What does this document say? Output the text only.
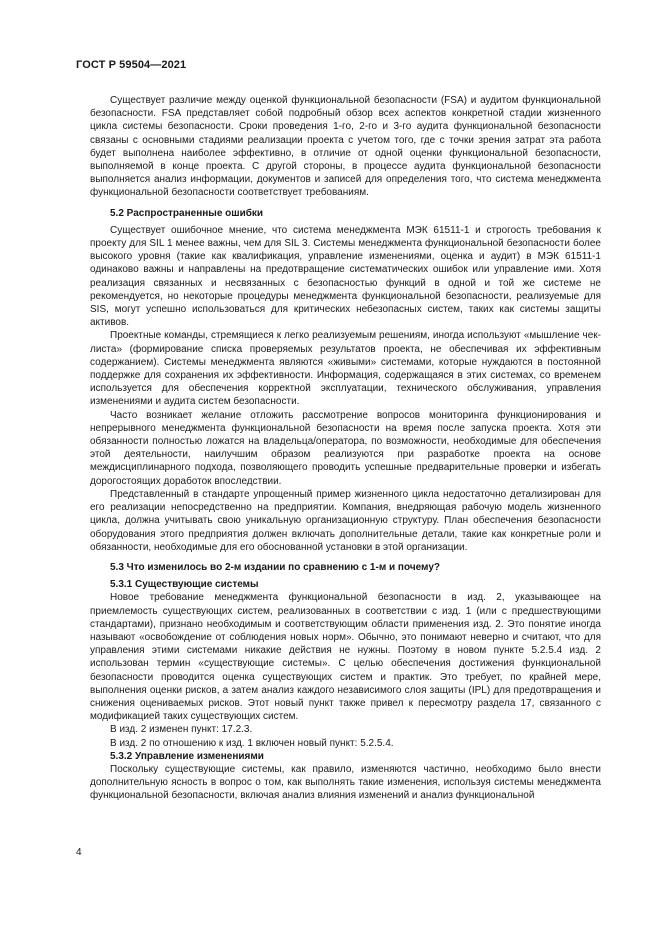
ГОСТ Р 59504—2021

Существует различие между оценкой функциональной безопасности (FSA) и аудитом функциональной безопасности. FSA представляет собой подробный обзор всех аспектов конкретной стадии жизненного цикла системы безопасности. Сроки проведения 1-го, 2-го и 3-го аудита функциональной безопасности связаны с основными стадиями реализации проекта с учетом того, где с точки зрения затрат эта работа будет выполнена наиболее эффективно, в отличие от одной оценки функциональной безопасности, выполняемой в конце проекта. С другой стороны, в процессе аудита функциональной безопасности выполняется анализ информации, документов и записей для определения того, что система менеджмента функциональной безопасности соответствует требованиям.

5.2 Распространенные ошибки

Существует ошибочное мнение, что система менеджмента МЭК 61511-1 и строгость требования к проекту для SIL 1 менее важны, чем для SIL 3. Системы менеджмента функциональной безопасности более высокого уровня (такие как квалификация, управление изменениями, оценка и аудит) в МЭК 61511-1 одинаково важны и направлены на предотвращение систематических ошибок или управление ими. Хотя реализация связанных и несвязанных с безопасностью функций в одной и той же системе не рекомендуется, но некоторые процедуры менеджмента функциональной безопасности, реализуемые для SIS, могут успешно использоваться для критических небезопасных систем, таких как системы защиты активов.

Проектные команды, стремящиеся к легко реализуемым решениям, иногда используют «мышление чек-листа» (формирование списка проверяемых результатов проекта, не обеспечивая их эффективным содержанием). Системы менеджмента являются «живыми» системами, которые нуждаются в постоянной поддержке для сохранения их эффективности. Информация, содержащаяся в этих системах, со временем используется для обеспечения корректной эксплуатации, технического обслуживания, управления изменениями и аудита систем безопасности.

Часто возникает желание отложить рассмотрение вопросов мониторинга функционирования и непрерывного менеджмента функциональной безопасности на время после запуска проекта. Хотя эти обязанности полностью ложатся на владельца/оператора, по возможности, необходимые для обеспечения этой деятельности, наилучшим образом реализуются при разработке проекта на основе междисциплинарного подхода, позволяющего проводить успешные предварительные проверки и избегать дорогостоящих доработок впоследствии.

Представленный в стандарте упрощенный пример жизненного цикла недостаточно детализирован для его реализации непосредственно на предприятии. Компания, внедряющая рабочую модель жизненного цикла, должна учитывать свою уникальную организационную структуру. План обеспечения безопасности оборудования этого предприятия должен включать дополнительные детали, такие как конкретные роли и обязанности, необходимые для его обоснованной установки в этой организации.

5.3 Что изменилось во 2-м издании по сравнению с 1-м и почему?
5.3.1 Существующие системы

Новое требование менеджмента функциональной безопасности в изд. 2, указывающее на приемлемость существующих систем, реализованных в соответствии с изд. 1 (или с предшествующими стандартами), признано необходимым и соответствующим области применения изд. 2. Это понятие иногда называют «освобождение от соблюдения новых норм». Обычно, это понимают неверно и считают, что для управления этими системами никакие действия не нужны. Поэтому в новом пункте 5.2.5.4 изд. 2 использован термин «существующие системы». С целью обеспечения достижения функциональной безопасности проводится оценка существующих систем и практик. Это требует, по крайней мере, выполнения оценки рисков, а затем анализ каждого независимого слоя защиты (IPL) для предотвращения и снижения оцениваемых рисков. Этот новый пункт также привел к пересмотру раздела 17, связанного с модификацией таких существующих систем.

В изд. 2 изменен пункт: 17.2.3.

В изд. 2 по отношению к изд. 1 включен новый пункт: 5.2.5.4.

5.3.2 Управление изменениями

Поскольку существующие системы, как правило, изменяются частично, необходимо было внести дополнительную ясность в вопрос о том, как выполнять такие изменения, используя системы менеджмента функциональной безопасности, включая анализ влияния изменений и анализ функциональной

4
